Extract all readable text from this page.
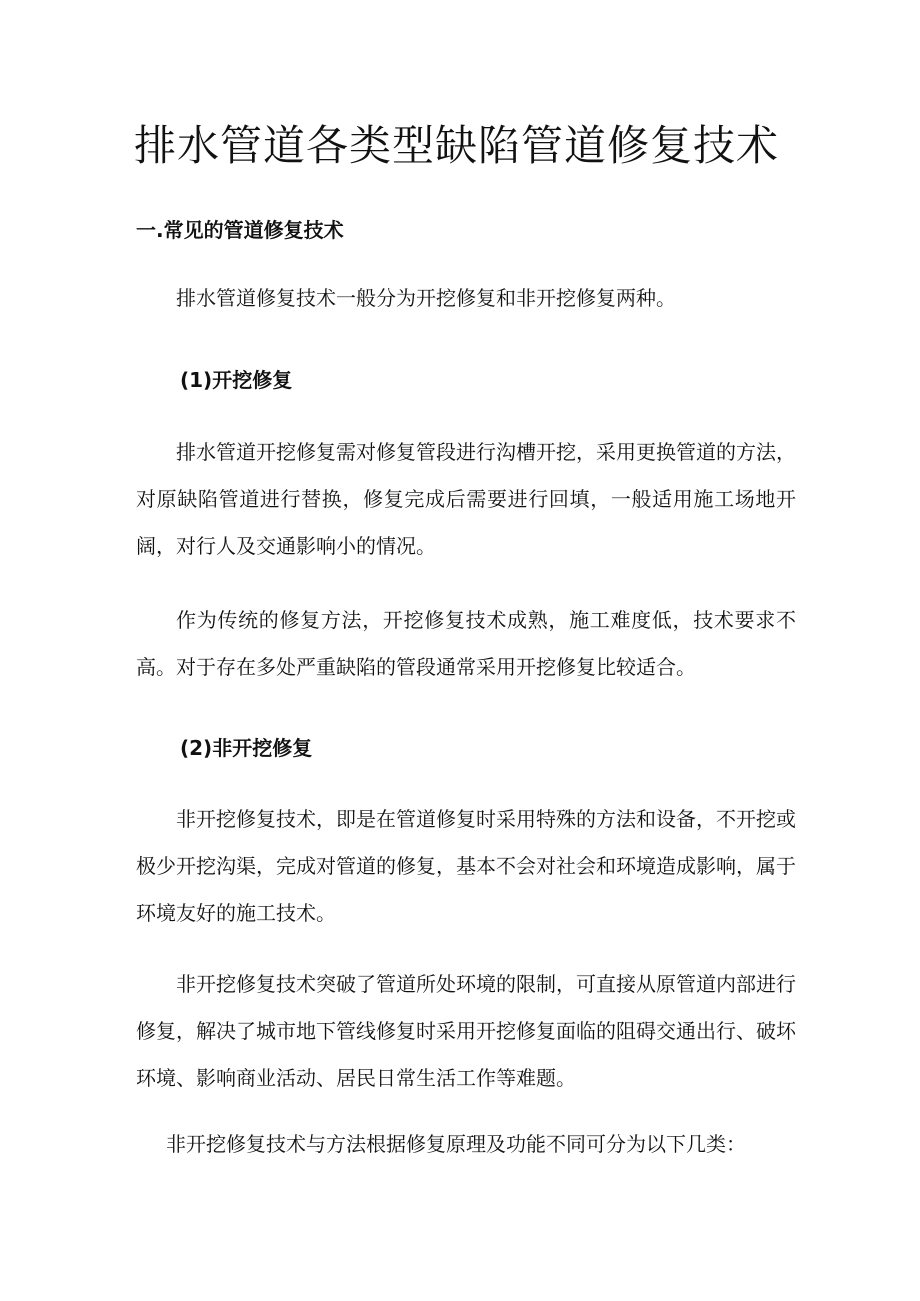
排水管道各类型缺陷管道修复技术
一.常见的管道修复技术

排水管道修复技术一般分为开挖修复和非开挖修复两种。

(1)开挖修复

排水管道开挖修复需对修复管段进行沟槽开挖，采用更换管道的方法，对原缺陷管道进行替换，修复完成后需要进行回填，一般适用施工场地开阔，对行人及交通影响小的情况。

作为传统的修复方法，开挖修复技术成熟，施工难度低，技术要求不高。对于存在多处严重缺陷的管段通常采用开挖修复比较适合。

(2)非开挖修复

非开挖修复技术，即是在管道修复时采用特殊的方法和设备，不开挖或极少开挖沟渠，完成对管道的修复，基本不会对社会和环境造成影响，属于环境友好的施工技术。

非开挖修复技术突破了管道所处环境的限制，可直接从原管道内部进行修复，解决了城市地下管线修复时采用开挖修复面临的阻碍交通出行、破坏环境、影响商业活动、居民日常生活工作等难题。

非开挖修复技术与方法根据修复原理及功能不同可分为以下几类：
